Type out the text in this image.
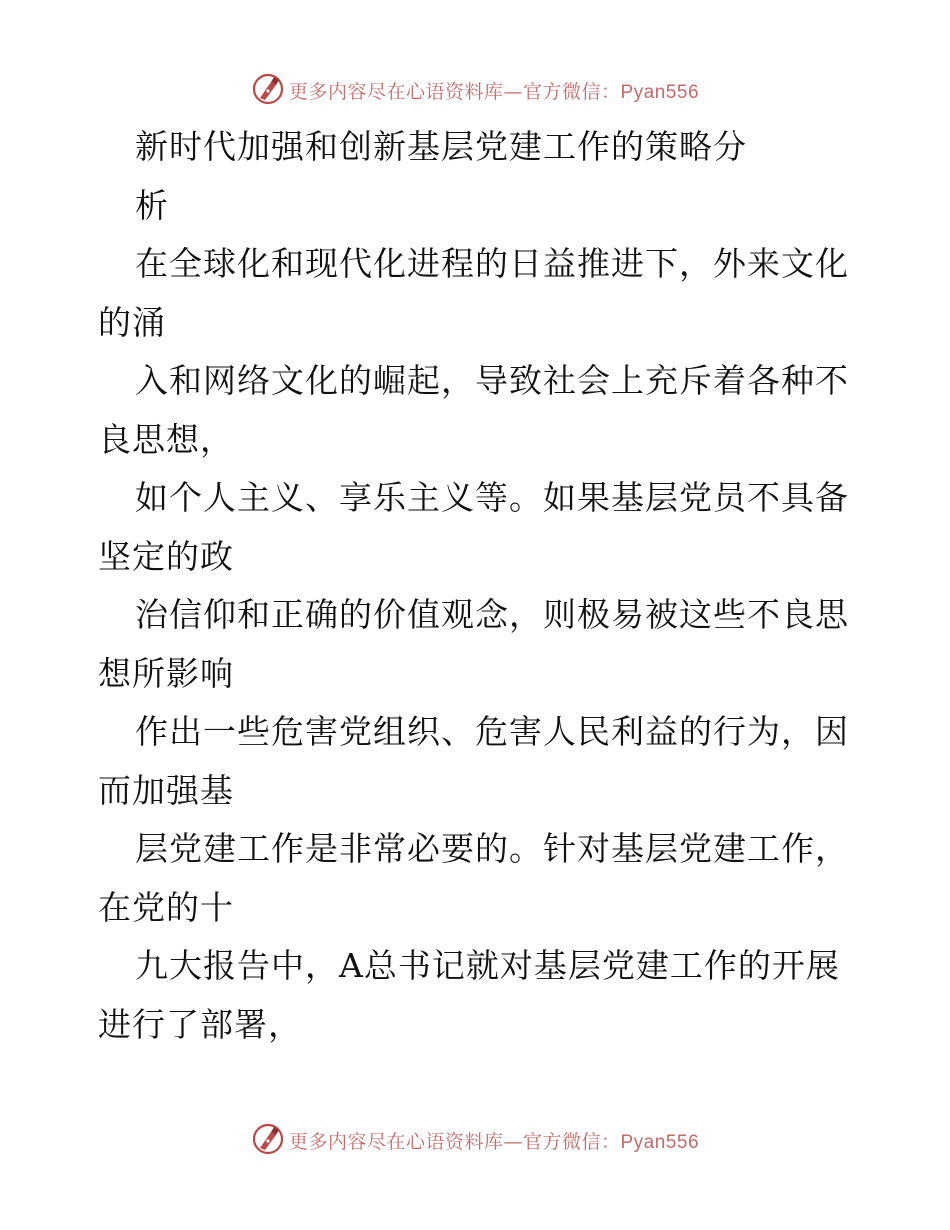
更多内容尽在心语资料库—官方微信：Pyan556
新时代加强和创新基层党建工作的策略分
析
在全球化和现代化进程的日益推进下，外来文化
的涌
入和网络文化的崛起，导致社会上充斥着各种不
良思想，
如个人主义、享乐主义等。如果基层党员不具备
坚定的政
治信仰和正确的价值观念，则极易被这些不良思
想所影响
作出一些危害党组织、危害人民利益的行为，因
而加强基
层党建工作是非常必要的。针对基层党建工作，
在党的十
九大报告中，A总书记就对基层党建工作的开展
进行了部署，
更多内容尽在心语资料库—官方微信：Pyan556
